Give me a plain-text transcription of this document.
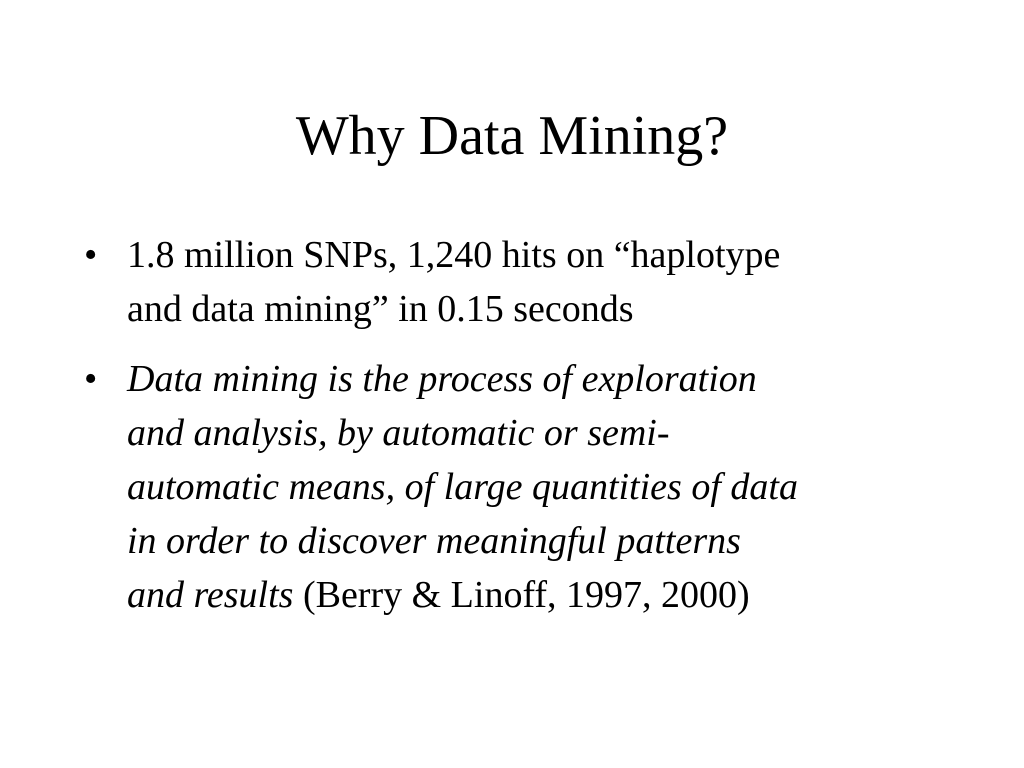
Why Data Mining?
• 1.8 million SNPs, 1,240 hits on “haplotype
and data mining” in 0.15 seconds
• Data mining is the process of exploration
and analysis, by automatic or semi-
automatic means, of large quantities of data
in order to discover meaningful patterns
and results (Berry & Linoff, 1997, 2000)
